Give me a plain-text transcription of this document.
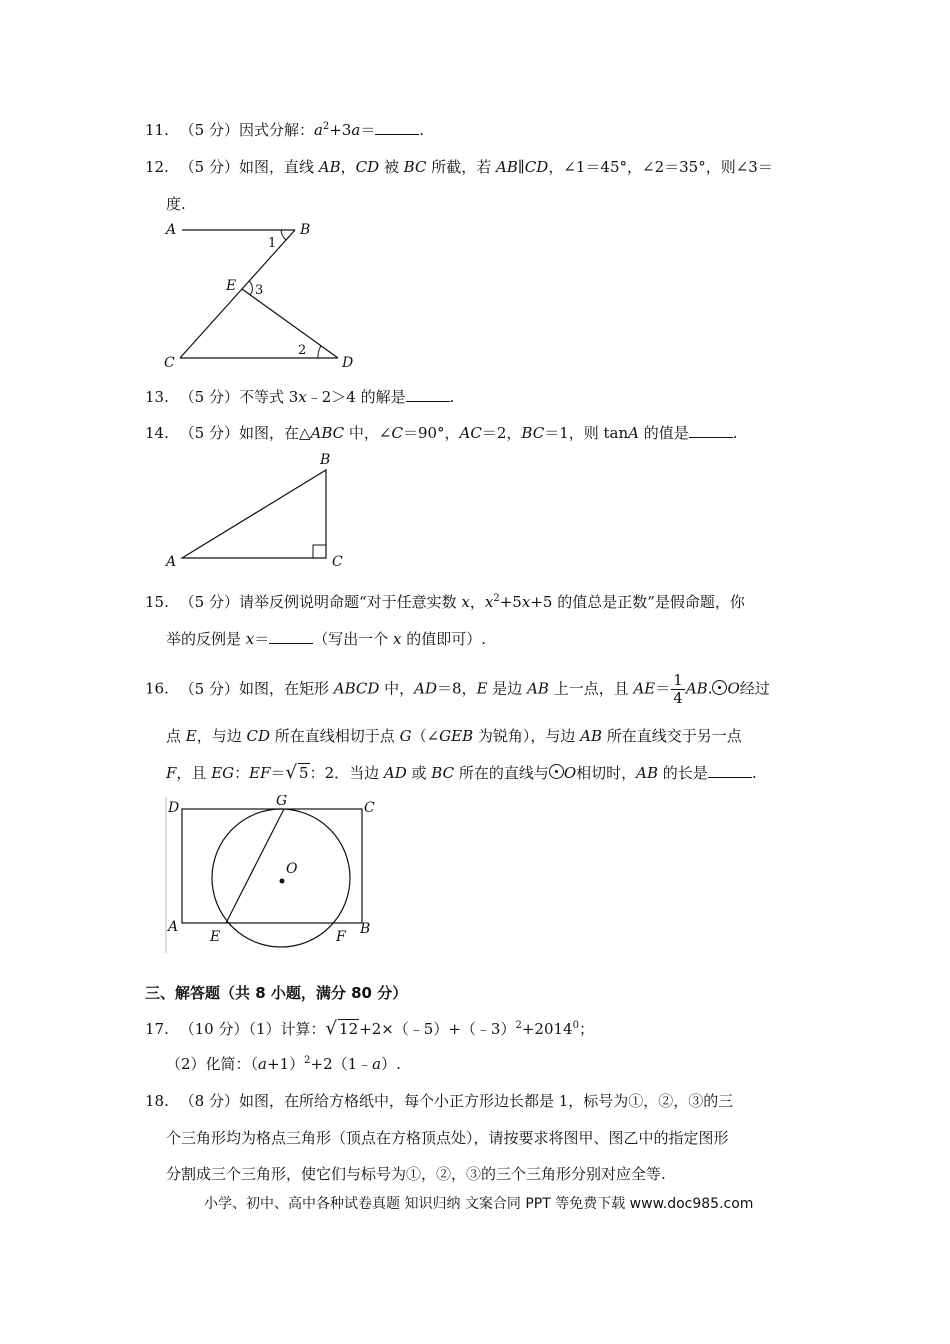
11. （5 分）因式分解：$a^2+3a=$	.
12. （5 分）如图，直线 AB，CD 被 BC 所截，若 AB∥CD，∠1＝45°，∠2＝35°，则∠3＝
度.
A	B
E
C	D
1
2
3
13. （5 分）不等式 3x﹣2＞4 的解是	.
14. （5 分）如图，在△ABC 中，∠C＝90°，AC＝2，BC＝1，则 tanA 的值是	.
A
B
C
15. （5 分）请举反例说明命题“对于任意实数 x，$x^2+5x+5$ 的值总是正数”是假命题，你
举的反例是 x＝	（写出一个 x 的值即可）.
16. （5 分）如图，在矩形 ABCD 中，AD＝8，E 是边 AB 上一点，且 $AE= \frac{1}{4}$ AB. O经过
点 E，与边 CD 所在直线相切于点 G（∠GEB 为锐角），与边 AB 所在直线交于另一点
F，且 EG：EF＝√ 5：2．当边 AD 或 BC 所在的直线与 O相切时，AB 的长是	.
D	G	C
O
A
E	F B
三、解答题（共 8 小题，满分 80 分）
17. （10 分）（1）计算：√ $12+2\times(﹣5)+(﹣3)^2+2014^0$；
（2）化简：$(a+1)^2+2(1﹣a)$.
18. （8 分）如图，在所给方格纸中，每个小正方形边长都是 1，标号为①，②，③的三
个三角形均为格点三角形（顶点在方格顶点处），请按要求将图甲、图乙中的指定图形
分割成三个三角形，使它们与标号为①，②，③的三个三角形分别对应全等.
小学、初中、高中各种试卷真题 知识归纳 文案合同 PPT 等免费下载 www.doc985.com
